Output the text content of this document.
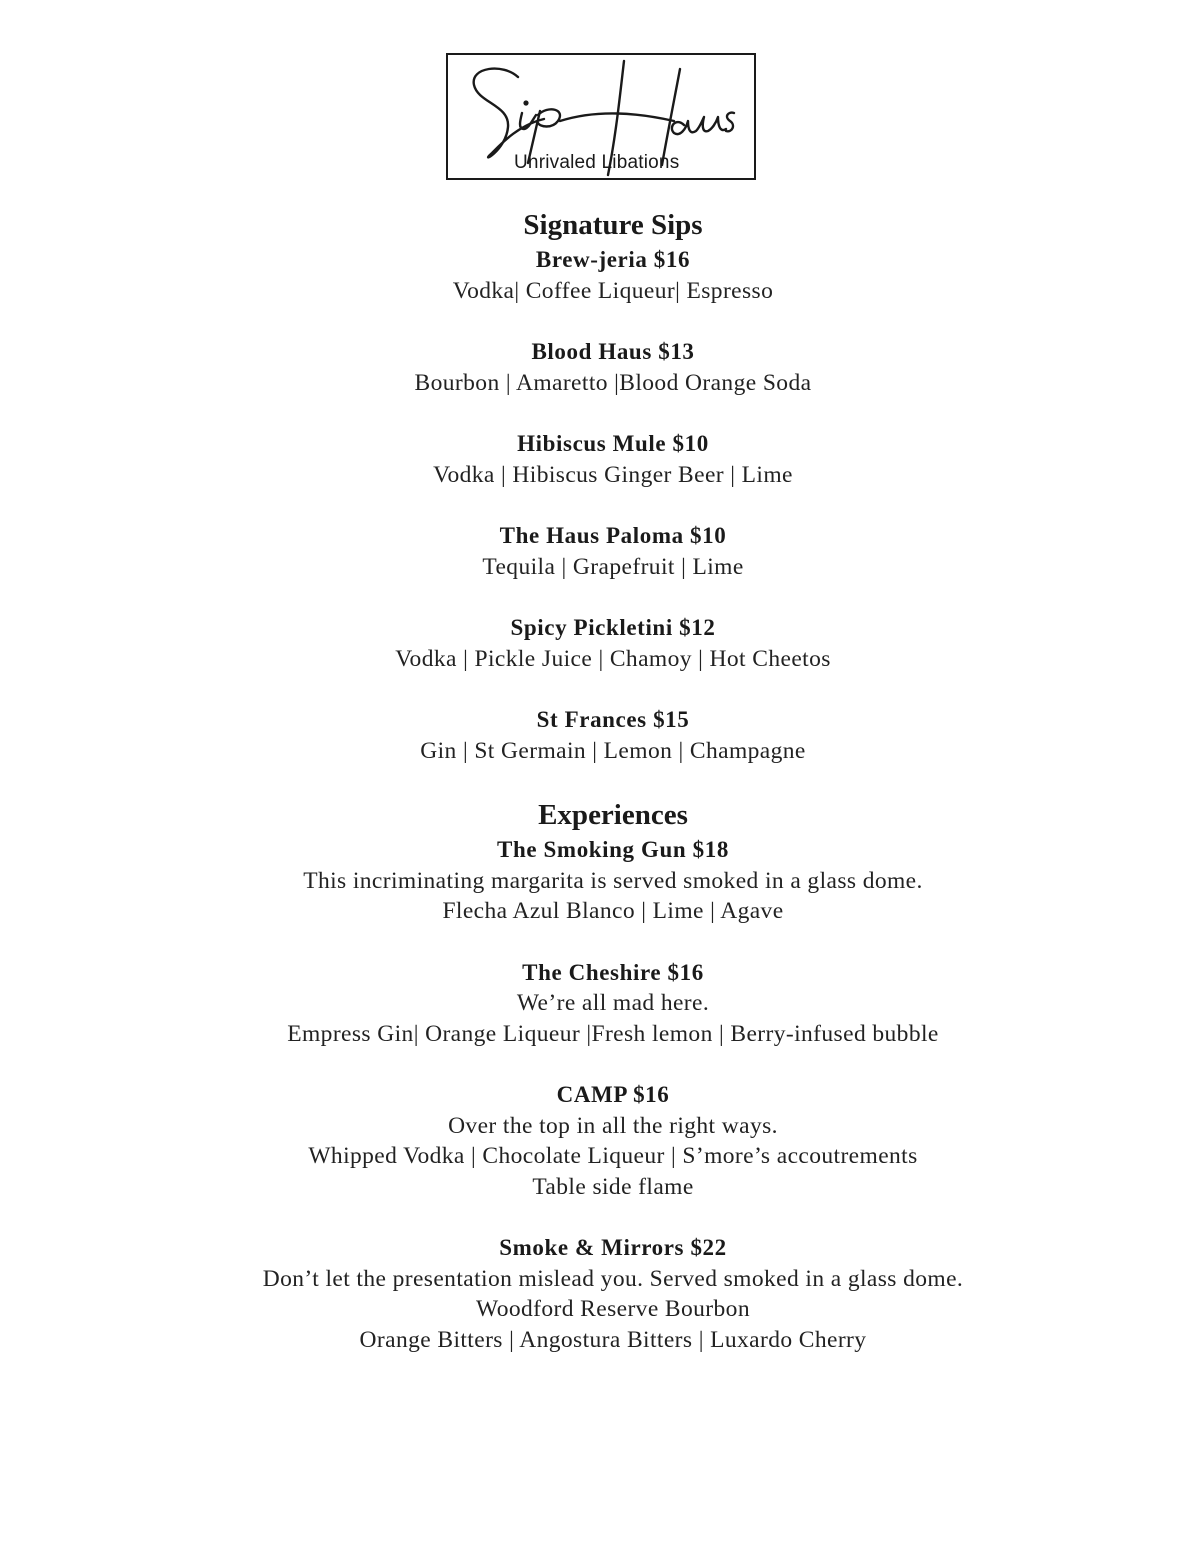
Unrivaled Libations
Signature Sips
Brew-jeria $16
Vodka| Coffee Liqueur| Espresso
Blood Haus $13
Bourbon | Amaretto |Blood Orange Soda
Hibiscus Mule $10
Vodka | Hibiscus Ginger Beer | Lime
The Haus Paloma $10
Tequila | Grapefruit | Lime
Spicy Pickletini $12
Vodka | Pickle Juice | Chamoy | Hot Cheetos
St Frances $15
Gin | St Germain | Lemon | Champagne
Experiences
The Smoking Gun $18
This incriminating margarita is served smoked in a glass dome.
Flecha Azul Blanco | Lime | Agave
The Cheshire $16
We’re all mad here.
Empress Gin| Orange Liqueur |Fresh lemon | Berry-infused bubble
CAMP $16
Over the top in all the right ways.
Whipped Vodka | Chocolate Liqueur | S’more’s accoutrements
Table side flame
Smoke & Mirrors $22
Don’t let the presentation mislead you. Served smoked in a glass dome.
Woodford Reserve Bourbon
Orange Bitters | Angostura Bitters | Luxardo Cherry
